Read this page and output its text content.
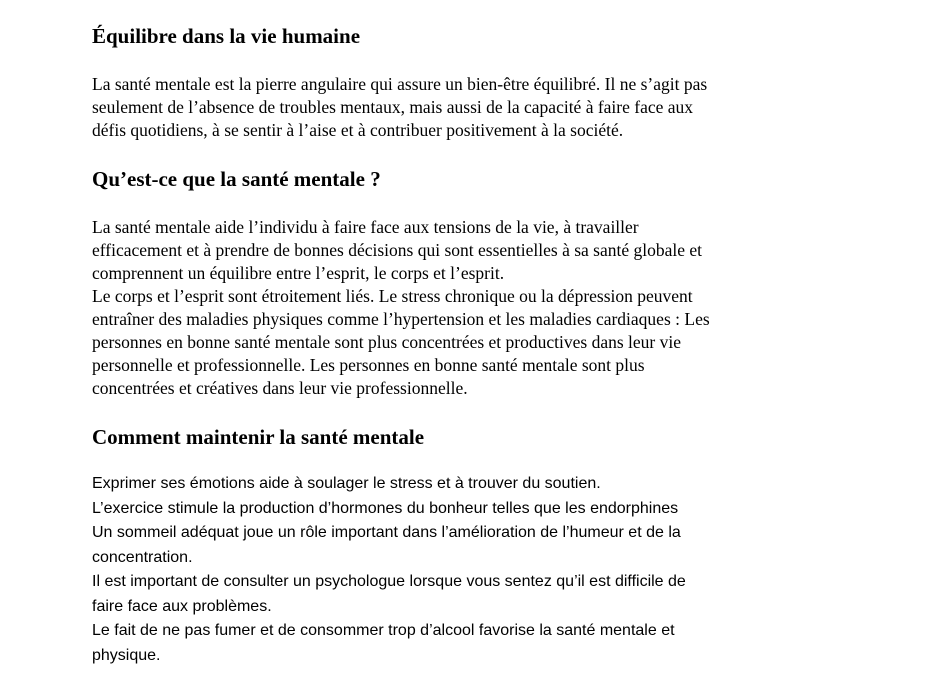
Équilibre dans la vie humaine
La santé mentale est la pierre angulaire qui assure un bien-être équilibré. Il ne s’agit pas
seulement de l’absence de troubles mentaux, mais aussi de la capacité à faire face aux
défis quotidiens, à se sentir à l’aise et à contribuer positivement à la société.
Qu’est-ce que la santé mentale ?
La santé mentale aide l’individu à faire face aux tensions de la vie, à travailler
efficacement et à prendre de bonnes décisions qui sont essentielles à sa santé globale et
comprennent un équilibre entre l’esprit, le corps et l’esprit.
Le corps et l’esprit sont étroitement liés. Le stress chronique ou la dépression peuvent
entraîner des maladies physiques comme l’hypertension et les maladies cardiaques : Les
personnes en bonne santé mentale sont plus concentrées et productives dans leur vie
personnelle et professionnelle. Les personnes en bonne santé mentale sont plus
concentrées et créatives dans leur vie professionnelle.
Comment maintenir la santé mentale
Exprimer ses émotions aide à soulager le stress et à trouver du soutien.
L’exercice stimule la production d’hormones du bonheur telles que les endorphines
Un sommeil adéquat joue un rôle important dans l’amélioration de l’humeur et de la
concentration.
Il est important de consulter un psychologue lorsque vous sentez qu’il est difficile de
faire face aux problèmes.
Le fait de ne pas fumer et de consommer trop d’alcool favorise la santé mentale et
physique.
